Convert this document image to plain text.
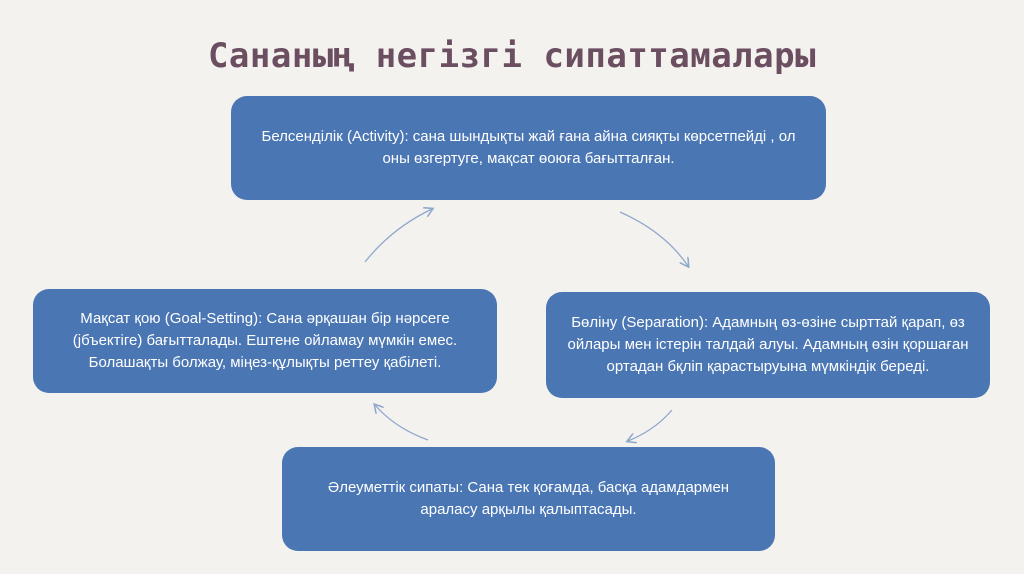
Сананың негізгі сипаттамалары
Белсенділік (Activity): сана шындықты жай ғана айна сияқты көрсетпейді , ол оны өзгертуге, мақсат өоюға бағытталған.
Бөліну (Separation): Адамның өз-өзіне сырттай қарап, өз ойлары мен істерін талдай алуы. Адамның өзін қоршаған ортадан бқліп қарастыруына мүмкіндік береді.
Әлеуметтік сипаты: Сана тек қоғамда, басқа адамдармен араласу арқылы қалыптасады.
Мақсат қою (Goal-Setting): Сана әрқашан бір нәрсеге (jбъектіге) бағытталады. Ештене ойламау мүмкін емес. Болашақты болжау, міңез-құлықты реттеу қабілеті.
